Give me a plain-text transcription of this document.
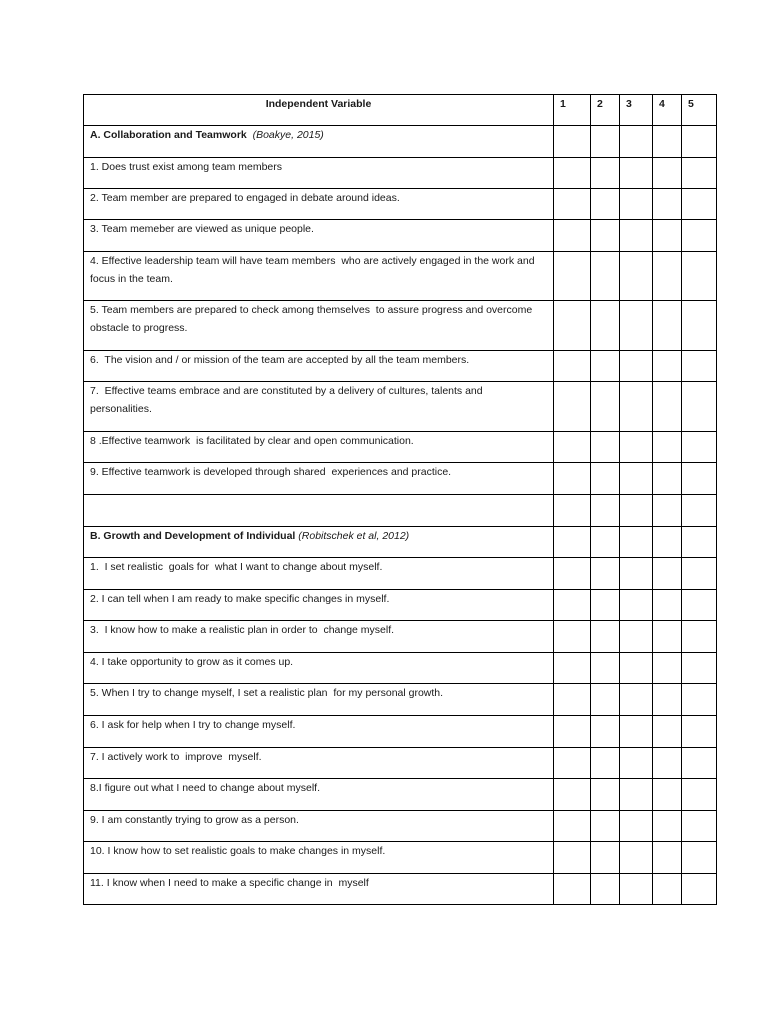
Independent Variable	1	2	3	4	5
A. Collaboration and Teamwork (Boakye, 2015)					
1. Does trust exist among team members					
2. Team member are prepared to engaged in debate around ideas.					
3. Team memeber are viewed as unique people.					
4. Effective leadership team will have team members  who are actively engaged in the work and focus in the team.					
5. Team members are prepared to check among themselves  to assure progress and overcome obstacle to progress.					
6.  The vision and / or mission of the team are accepted by all the team members.					
7.  Effective teams embrace and are constituted by a delivery of cultures, talents and personalities.					
8 .Effective teamwork  is facilitated by clear and open communication.					
9. Effective teamwork is developed through shared  experiences and practice.					

B. Growth and Development of Individual (Robitschek et al, 2012)					
1.  I set realistic  goals for  what I want to change about myself.					
2. I can tell when I am ready to make specific changes in myself.					
3.  I know how to make a realistic plan in order to  change myself.					
4. I take opportunity to grow as it comes up.					
5. When I try to change myself, I set a realistic plan  for my personal growth.					
6. I ask for help when I try to change myself.					
7. I actively work to  improve  myself.					
8.I figure out what I need to change about myself.					
9. I am constantly trying to grow as a person.					
10. I know how to set realistic goals to make changes in myself.					
11. I know when I need to make a specific change in  myself					
